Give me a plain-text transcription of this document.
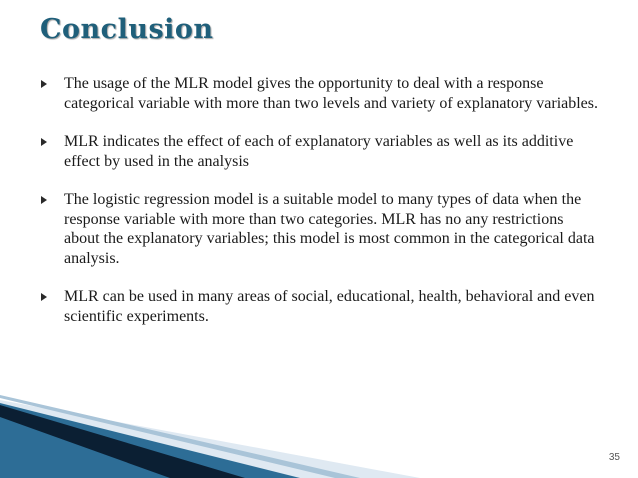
Conclusion
The usage of the MLR model gives the opportunity to deal with a response categorical variable with more than two levels and variety of explanatory variables.
MLR indicates the effect of each of explanatory variables as well as its additive effect by used in the analysis
The logistic regression model is a suitable model to many types of data when the response variable with more than two categories. MLR has no any restrictions about the explanatory variables; this model is most common in the categorical data analysis.
MLR can be used in many areas of social, educational, health, behavioral and even scientific experiments.
35
